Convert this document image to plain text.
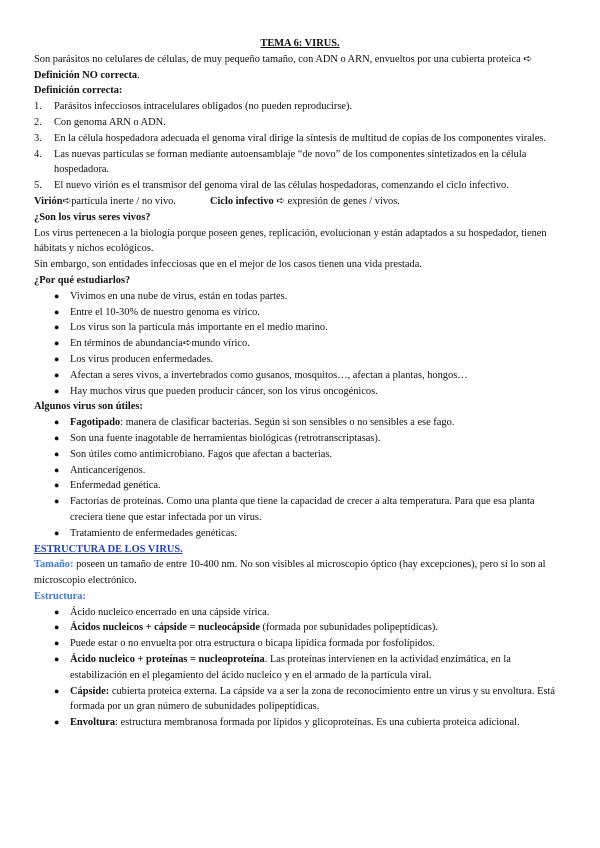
TEMA 6: VIRUS.

Son parásitos no celulares de células, de muy pequeño tamaño, con ADN o ARN, envueltos por una cubierta proteica ➪ Definición NO correcta.

Definición correcta:

1. Parásitos infecciosos intracelulares obligados (no pueden reproducirse).
2. Con genoma ARN o ADN.
3. En la célula hospedadora adecuada el genoma viral dirige la síntesis de multitud de copias de los componentes virales.
4. Las nuevas partículas se forman mediante autoensamblaje “de novo” de los componentes sintetizados en la célula hospedadora.
5. El nuevo virión es el transmisor del genoma viral de las células hospedadoras, comenzando el ciclo infectivo.

Virión➪partícula inerte / no vivo.	Ciclo infectivo ➪ expresión de genes / vivos.

¿Son los virus seres vivos?

Los virus pertenecen a la biología porque poseen genes, replicación, evolucionan y están adaptados a su hospedador, tienen hábitats y nichos ecológicos.

Sin embargo, son entidades infecciosas que en el mejor de los casos tienen una vida prestada.

¿Por qué estudiarlos?

● Vivimos en una nube de virus, están en todas partes.
● Entre el 10-30% de nuestro genoma es vírico.
● Los virus son la partícula más importante en el medio marino.
● En términos de abundancia➪mundo vírico.
● Los virus producen enfermedades.
● Afectan a seres vivos, a invertebrados como gusanos, mosquitos…, afectan a plantas, hongos…
● Hay muchos virus que pueden producir cáncer, son los virus oncogénicos.

Algunos virus son útiles:

● Fagotipado: manera de clasificar bacterias. Según si son sensibles o no sensibles a ese fago.
● Son una fuente inagotable de herramientas biológicas (retrotranscriptasas).
● Son útiles como antimicrobiano. Fagos que afectan a bacterias.
● Anticancerígenos.
● Enfermedad genética.
● Factorías de proteínas. Como una planta que tiene la capacidad de crecer a alta temperatura. Para que esa planta creciera tiene que estar infectada por un virus.
● Tratamiento de enfermedades genéticas.

ESTRUCTURA DE LOS VIRUS.

Tamaño: poseen un tamaño de entre 10-400 nm. No son visibles al microscopio óptico (hay excepciones), pero sí lo son al microscopio electrónico.

Estructura:

● Ácido nucleico encerrado en una cápside vírica.
● Ácidos nucleicos + cápside = nucleocápside (formada por subunidades polipeptídicas).
● Puede estar o no envuelta por otra estructura o bicapa lipídica formada por fosfolípidos.
● Ácido nucleico + proteínas = nucleoproteína. Las proteínas intervienen en la actividad enzimática, en la estabilización en el plegamiento del ácido nucleico y en el armado de la partícula viral.
● Cápside: cubierta proteica externa. La cápside va a ser la zona de reconocimiento entre un virus y su envoltura. Está formada por un gran número de subunidades polipeptídicas.
● Envoltura: estructura membranosa formada por lípidos y glicoproteínas. Es una cubierta proteica adicional.
